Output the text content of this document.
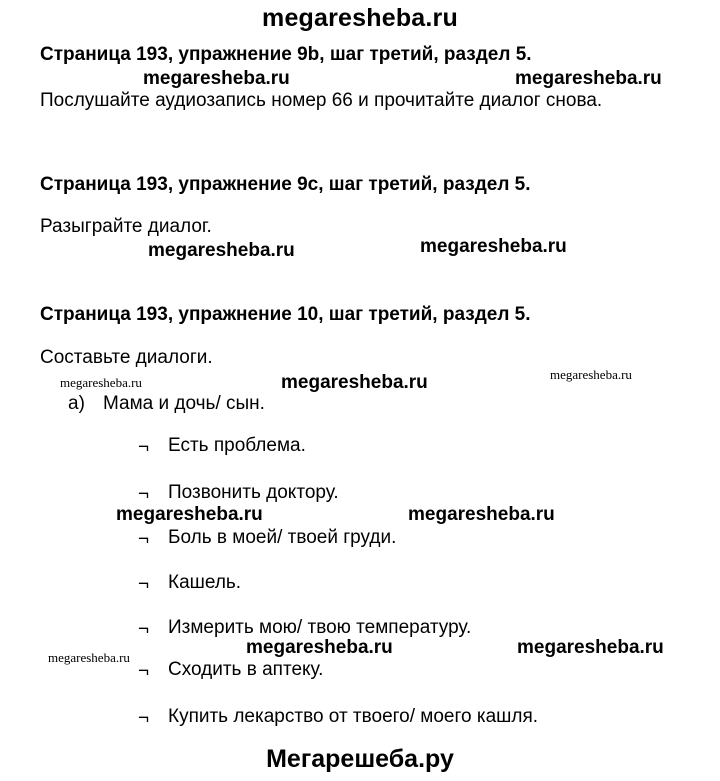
megaresheba.ru
Страница 193, упражнение 9b, шаг третий, раздел 5.
megaresheba.ru	megaresheba.ru
Послушайте аудиозапись номер 66 и прочитайте диалог снова.
Страница 193, упражнение 9с, шаг третий, раздел 5.
Разыграйте диалог.
megaresheba.ru	megaresheba.ru
Страница 193, упражнение 10, шаг третий, раздел 5.
Составьте диалоги.
megaresheba.ru	megaresheba.ru	megaresheba.ru
a) Мама и дочь/ сын.
¬ Есть проблема.
¬ Позвонить доктору.
megaresheba.ru	megaresheba.ru
¬ Боль в моей/ твоей груди.
¬ Кашель.
¬ Измерить мою/ твою температуру.
megaresheba.ru	megaresheba.ru	megaresheba.ru
¬ Сходить в аптеку.
¬ Купить лекарство от твоего/ моего кашля.
Мегарешеба.ру
